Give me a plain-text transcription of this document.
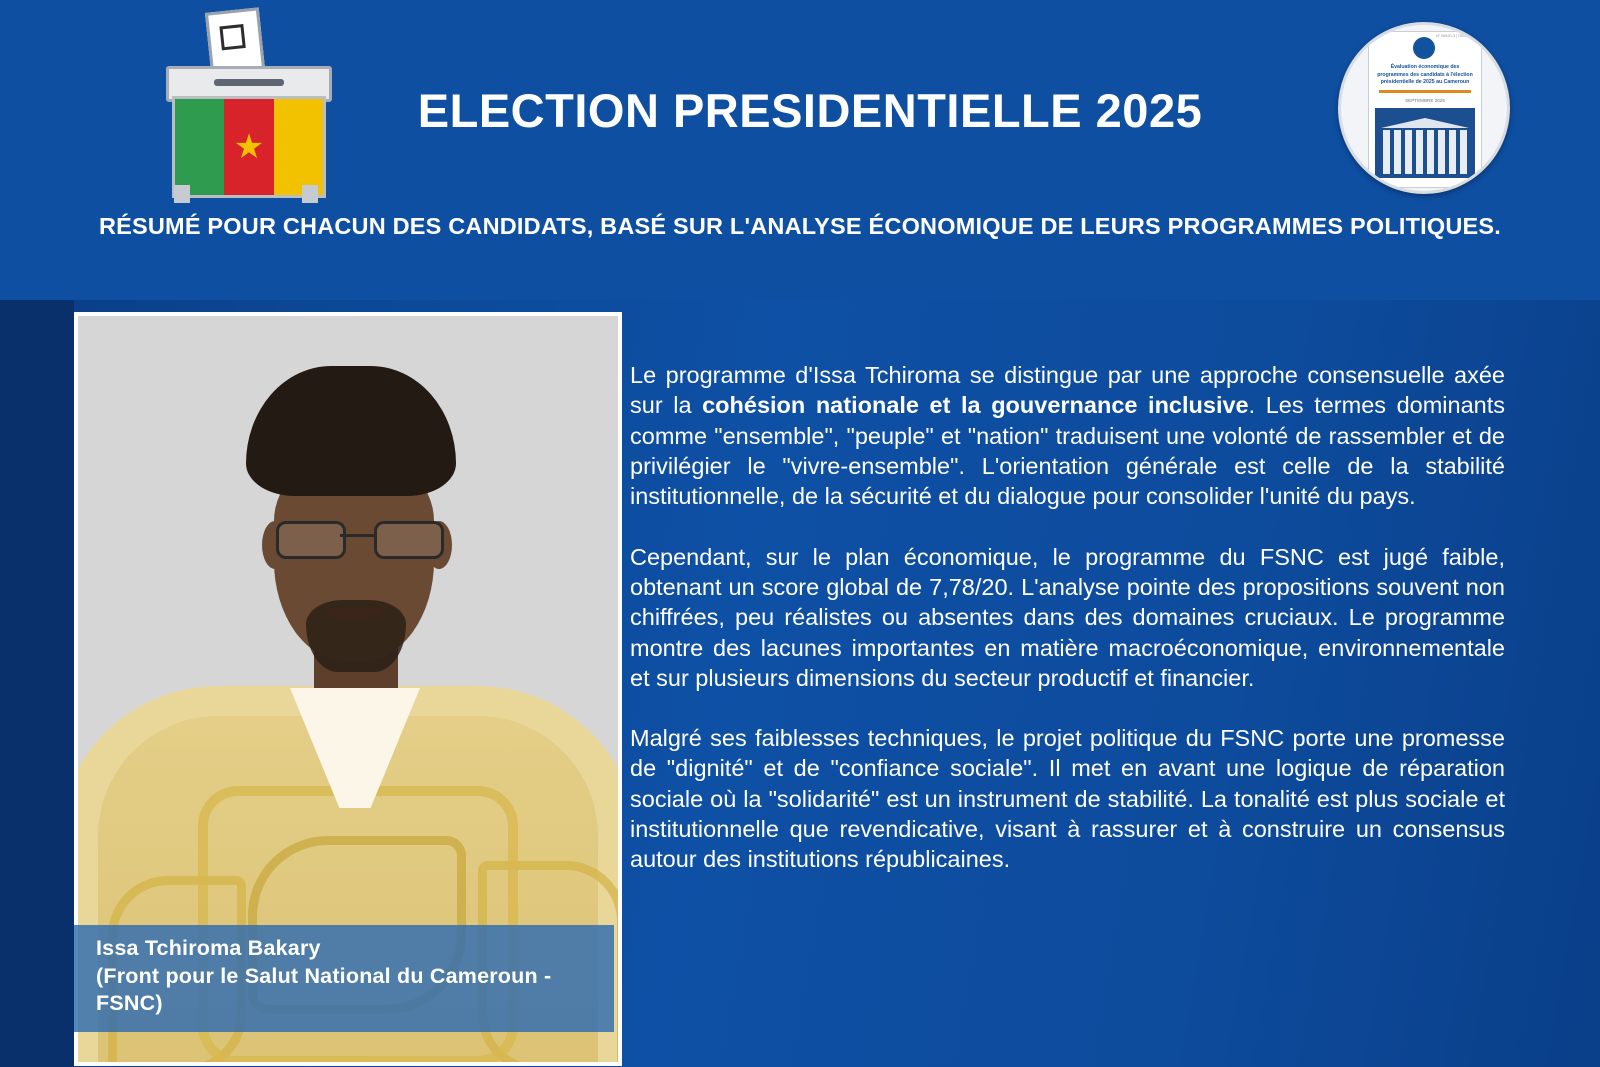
★
ELECTION PRESIDENTIELLE 2025
RÉSUMÉ POUR CHACUN DES CANDIDATS, BASÉ SUR L'ANALYSE ÉCONOMIQUE DE LEURS PROGRAMMES POLITIQUES.
N° BI/NO-3 | OBS 32-41
Évaluation économique des programmes des candidats à l'élection présidentielle de 2025 au Cameroun
SEPTEMBRE 2025
Issa Tchiroma Bakary
(Front pour le Salut National du Cameroun - FSNC)

Le programme d'Issa Tchiroma se distingue par une approche consensuelle axée sur la cohésion nationale et la gouvernance inclusive. Les termes dominants comme "ensemble", "peuple" et "nation" traduisent une volonté de rassembler et de privilégier le "vivre-ensemble". L'orientation générale est celle de la stabilité institutionnelle, de la sécurité et du dialogue pour consolider l'unité du pays.

Cependant, sur le plan économique, le programme du FSNC est jugé faible, obtenant un score global de 7,78/20. L'analyse pointe des propositions souvent non chiffrées, peu réalistes ou absentes dans des domaines cruciaux. Le programme montre des lacunes importantes en matière macroéconomique, environnementale et sur plusieurs dimensions du secteur productif et financier.

Malgré ses faiblesses techniques, le projet politique du FSNC porte une promesse de "dignité" et de "confiance sociale". Il met en avant une logique de réparation sociale où la "solidarité" est un instrument de stabilité. La tonalité est plus sociale et institutionnelle que revendicative, visant à rassurer et à construire un consensus autour des institutions républicaines.
